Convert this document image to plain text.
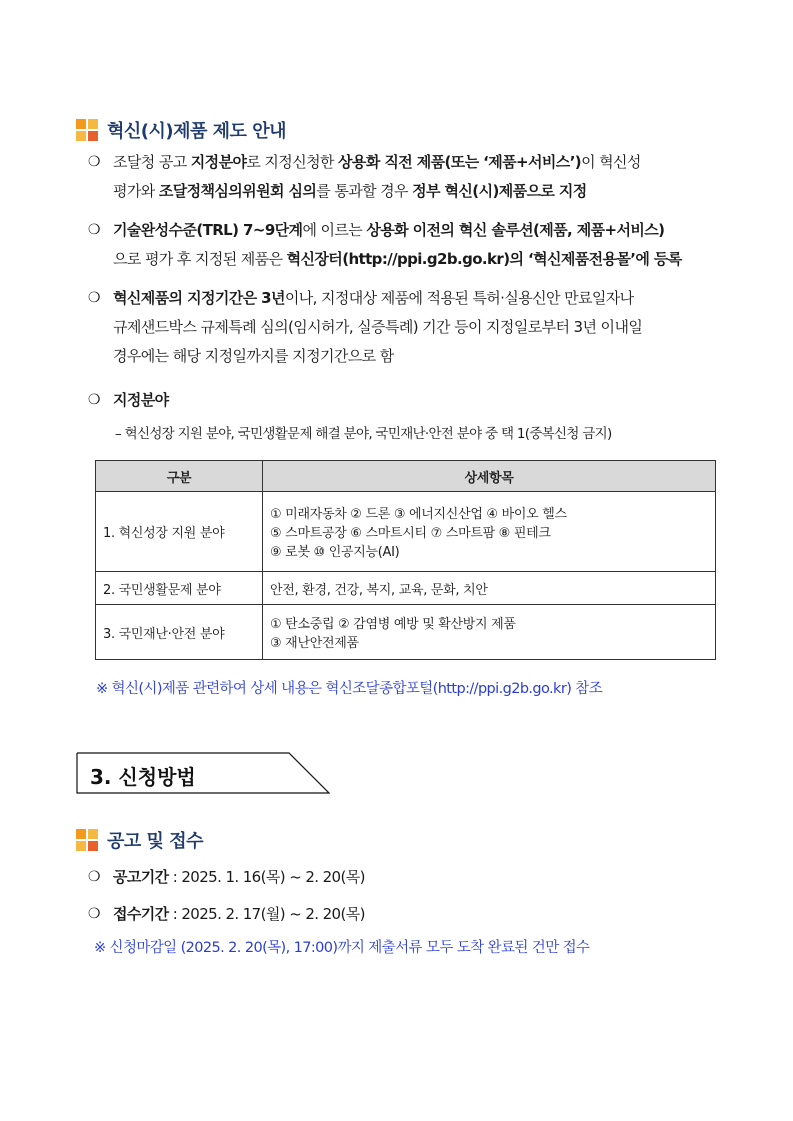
혁신(시)제품 제도 안내
❍ 조달청 공고 지정분야로 지정신청한 상용화 직전 제품(또는 ‘제품+서비스’)이 혁신성
평가와 조달정책심의위원회 심의를 통과할 경우 정부 혁신(시)제품으로 지정
❍ 기술완성수준(TRL) 7~9단계에 이르는 상용화 이전의 혁신 솔루션(제품, 제품+서비스)
으로 평가 후 지정된 제품은 혁신장터(http://ppi.g2b.go.kr)의 ‘혁신제품전용몰’에 등록
❍ 혁신제품의 지정기간은 3년이나, 지정대상 제품에 적용된 특허·실용신안 만료일자나
규제샌드박스 규제특례 심의(임시허가, 실증특례) 기간 등이 지정일로부터 3년 이내일
경우에는 해당 지정일까지를 지정기간으로 함
❍ 지정분야
– 혁신성장 지원 분야, 국민생활문제 해결 분야, 국민재난·안전 분야 중 택 1(중복신청 금지)
구분	상세항목
1. 혁신성장 지원 분야	① 미래자동차 ② 드론 ③ 에너지신산업 ④ 바이오 헬스
⑤ 스마트공장 ⑥ 스마트시티 ⑦ 스마트팜 ⑧ 핀테크
⑨ 로봇 ⑩ 인공지능(AI)

2. 국민생활문제 분야	안전, 환경, 건강, 복지, 교육, 문화, 치안

3. 국민재난·안전 분야	① 탄소중립 ② 감염병 예방 및 확산방지 제품
③ 재난안전제품
※ 혁신(시)제품 관련하여 상세 내용은 혁신조달종합포털(http://ppi.g2b.go.kr) 참조
3. 신청방법
공고 및 접수
❍ 공고기간 : 2025. 1. 16(목) ~ 2. 20(목)
❍ 접수기간 : 2025. 2. 17(월) ~ 2. 20(목)
※ 신청마감일 (2025. 2. 20(목), 17:00)까지 제출서류 모두 도착 완료된 건만 접수
